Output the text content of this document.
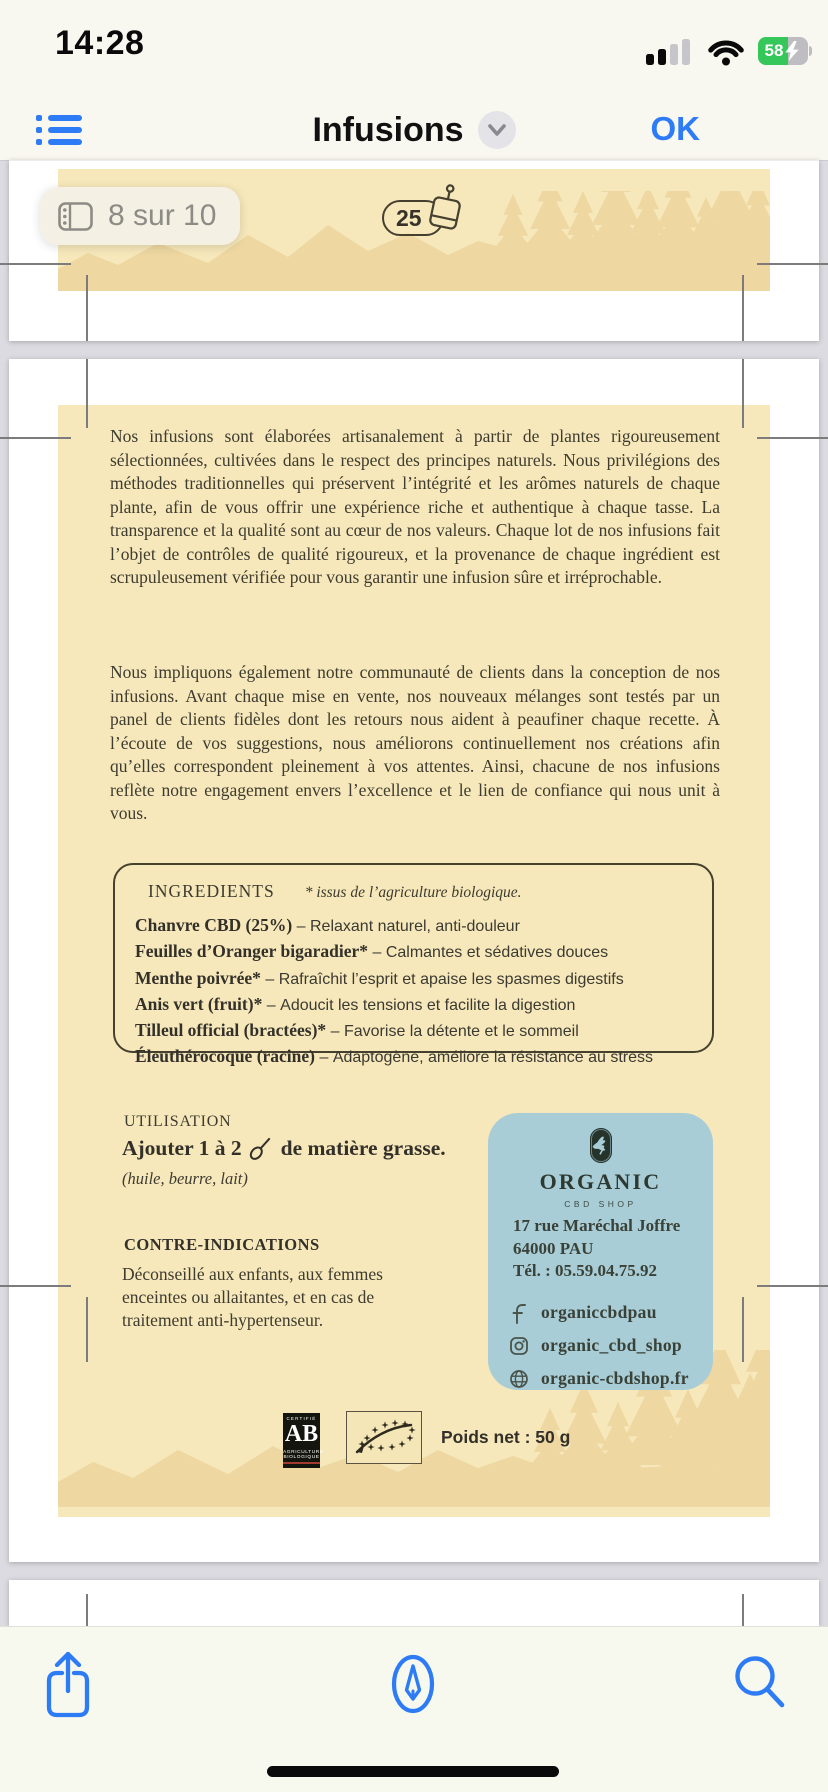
14:28	58
Infusions	OK
25
8 sur 10
Nos infusions sont élaborées artisanalement à partir de plantes rigoureusement sélectionnées, cultivées dans le respect des principes naturels. Nous privilégions des méthodes traditionnelles qui préservent l’intégrité et les arômes naturels de chaque plante, afin de vous offrir une expérience riche et authentique à chaque tasse. La transparence et la qualité sont au cœur de nos valeurs. Chaque lot de nos infusions fait l’objet de contrôles de qualité rigoureux, et la provenance de chaque ingrédient est scrupuleusement vérifiée pour vous garantir une infusion sûre et irréprochable.
Nous impliquons également notre communauté de clients dans la conception de nos infusions. Avant chaque mise en vente, nos nouveaux mélanges sont testés par un panel de clients fidèles dont les retours nous aident à peaufiner chaque recette. À l’écoute de vos suggestions, nous améliorons continuellement nos créations afin qu’elles correspondent pleinement à vos attentes. Ainsi, chacune de nos infusions reflète notre engagement envers l’excellence et le lien de confiance qui nous unit à vous.
INGREDIENTS * issus de l’agriculture biologique.
Chanvre CBD (25%) – Relaxant naturel, anti-douleur
Feuilles d’Oranger bigaradier* – Calmantes et sédatives douces
Menthe poivrée* – Rafraîchit l’esprit et apaise les spasmes digestifs
Anis vert (fruit)* – Adoucit les tensions et facilite la digestion
Tilleul official (bractées)* – Favorise la détente et le sommeil
Éleuthérocoque (racine) – Adaptogène, améliore la résistance au stress
UTILISATION
Ajouter 1 à 2 de matière grasse.
(huile, beurre, lait)
CONTRE-INDICATIONS
Déconseillé aux enfants, aux femmes enceintes ou allaitantes, et en cas de traitement anti-hypertenseur.
ORGANIC
CBD SHOP
17 rue Maréchal Joffre
64000 PAU
Tél. : 05.59.04.75.92
organiccbdpau
organic_cbd_shop
organic-cbdshop.fr
CERTIFIÉ
AB
AGRICULTURE
BIOLOGIQUE
Poids net : 50 g
